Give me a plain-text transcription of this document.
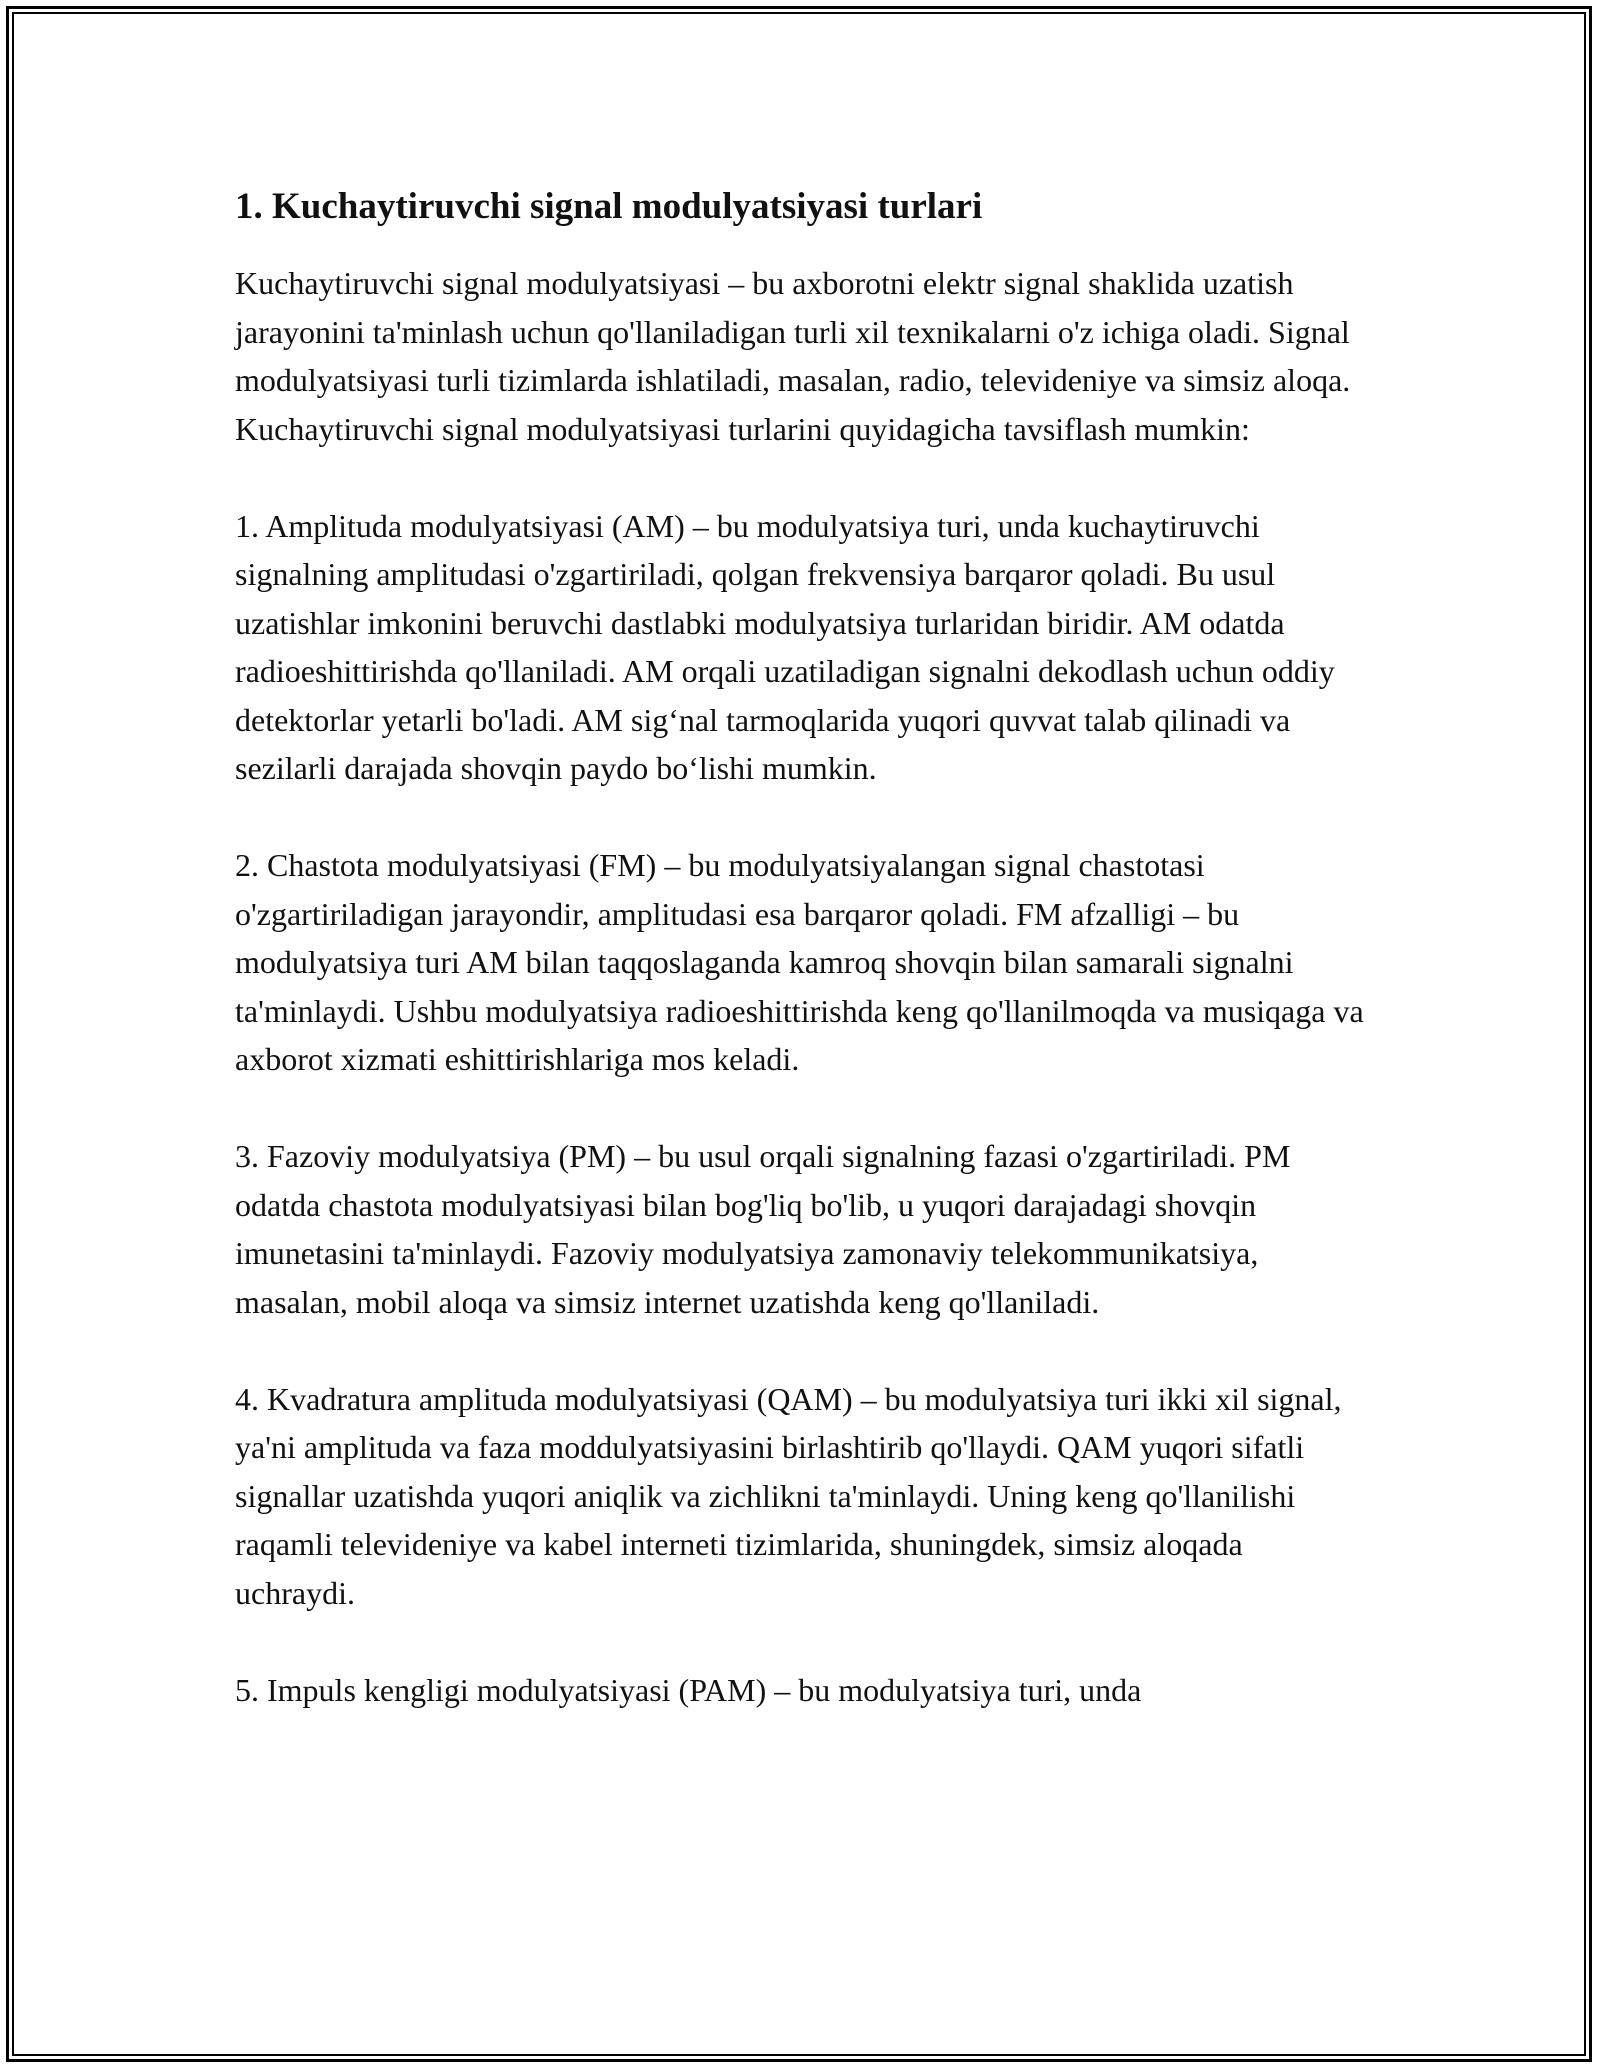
1. Kuchaytiruvchi signal modulyatsiyasi turlari

Kuchaytiruvchi signal modulyatsiyasi – bu axborotni elektr signal shaklida uzatish jarayonini ta'minlash uchun qo'llaniladigan turli xil texnikalarni o'z ichiga oladi. Signal modulyatsiyasi turli tizimlarda ishlatiladi, masalan, radio, televideniye va simsiz aloqa. Kuchaytiruvchi signal modulyatsiyasi turlarini quyidagicha tavsiflash mumkin:

1. Amplituda modulyatsiyasi (AM) – bu modulyatsiya turi, unda kuchaytiruvchi signalning amplitudasi o'zgartiriladi, qolgan frekvensiya barqaror qoladi. Bu usul uzatishlar imkonini beruvchi dastlabki modulyatsiya turlaridan biridir. AM odatda radioeshittirishda qo'llaniladi. AM orqali uzatiladigan signalni dekodlash uchun oddiy detektorlar yetarli bo'ladi. AM sig‘nal tarmoqlarida yuqori quvvat talab qilinadi va sezilarli darajada shovqin paydo bo‘lishi mumkin.

2. Chastota modulyatsiyasi (FM) – bu modulyatsiyalangan signal chastotasi o'zgartiriladigan jarayondir, amplitudasi esa barqaror qoladi. FM afzalligi – bu modulyatsiya turi AM bilan taqqoslaganda kamroq shovqin bilan samarali signalni ta'minlaydi. Ushbu modulyatsiya radioeshittirishda keng qo'llanilmoqda va musiqaga va axborot xizmati eshittirishlariga mos keladi.

3. Fazoviy modulyatsiya (PM) – bu usul orqali signalning fazasi o'zgartiriladi. PM odatda chastota modulyatsiyasi bilan bog'liq bo'lib, u yuqori darajadagi shovqin imunetasini ta'minlaydi. Fazoviy modulyatsiya zamonaviy telekommunikatsiya, masalan, mobil aloqa va simsiz internet uzatishda keng qo'llaniladi.

4. Kvadratura amplituda modulyatsiyasi (QAM) – bu modulyatsiya turi ikki xil signal, ya'ni amplituda va faza moddulyatsiyasini birlashtirib qo'llaydi. QAM yuqori sifatli signallar uzatishda yuqori aniqlik va zichlikni ta'minlaydi. Uning keng qo'llanilishi raqamli televideniye va kabel interneti tizimlarida, shuningdek, simsiz aloqada uchraydi.

5. Impuls kengligi modulyatsiyasi (PAM) – bu modulyatsiya turi, unda
